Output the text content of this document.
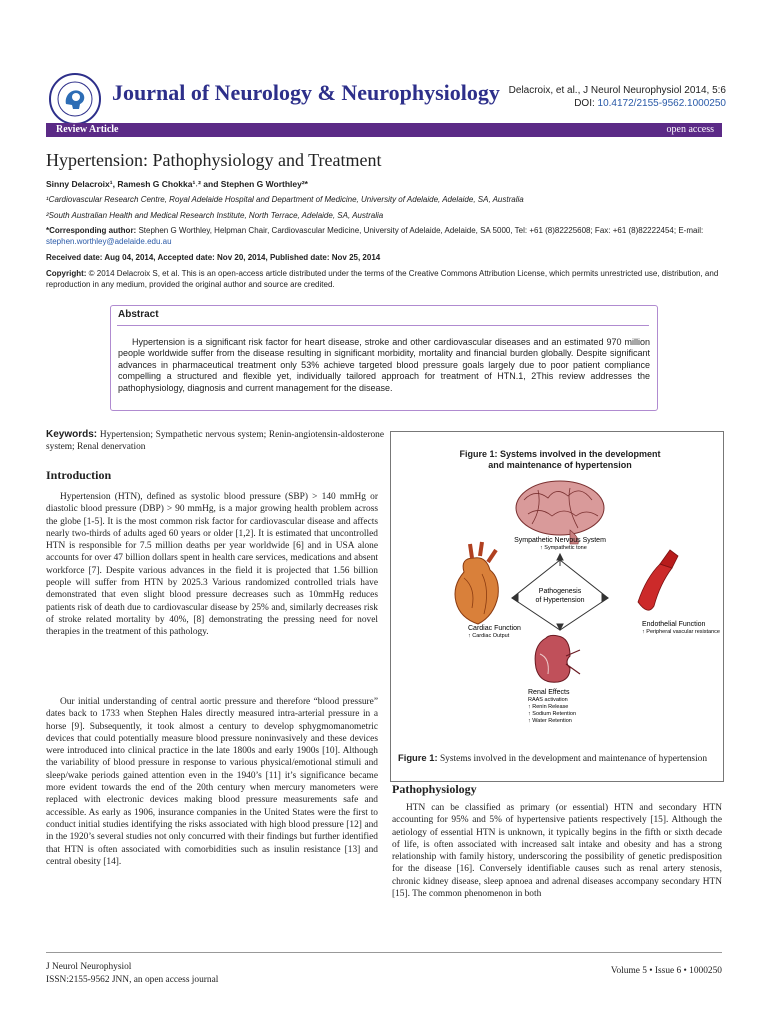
Journal of Neurology & Neurophysiology Delacroix, et al., J Neurol Neurophysiol 2014, 5:6
DOI: 10.4172/2155-9562.1000250
Review Article	open access
Hypertension: Pathophysiology and Treatment
Sinny Delacroix¹, Ramesh G Chokka¹˒² and Stephen G Worthley²*
¹Cardiovascular Research Centre, Royal Adelaide Hospital and Department of Medicine, University of Adelaide, Adelaide, SA, Australia
²South Australian Health and Medical Research Institute, North Terrace, Adelaide, SA, Australia
*Corresponding author: Stephen G Worthley, Helpman Chair, Cardiovascular Medicine, University of Adelaide, Adelaide, SA 5000, Tel: +61 (8)82225608; Fax: +61 (8)82222454; E-mail: stephen.worthley@adelaide.edu.au
Received date: Aug 04, 2014, Accepted date: Nov 20, 2014, Published date: Nov 25, 2014
Copyright: © 2014 Delacroix S, et al. This is an open-access article distributed under the terms of the Creative Commons Attribution License, which permits unrestricted use, distribution, and reproduction in any medium, provided the original author and source are credited.
Abstract
Hypertension is a significant risk factor for heart disease, stroke and other cardiovascular diseases and an estimated 970 million people worldwide suffer from the disease resulting in significant morbidity, mortality and financial burden globally. Despite significant advances in pharmaceutical treatment only 53% achieve targeted blood pressure goals largely due to poor patient compliance compelling a structured and flexible yet, individually tailored approach for treatment of HTN.1, 2This review addresses the pathophysiology, diagnosis and current management for the disease.
Keywords: Hypertension; Sympathetic nervous system; Renin-angiotensin-aldosterone system; Renal denervation
Introduction
Hypertension (HTN), defined as systolic blood pressure (SBP) > 140 mmHg or diastolic blood pressure (DBP) > 90 mmHg, is a major growing health problem across the globe [1-5]. It is the most common risk factor for cardiovascular disease and affects nearly two-thirds of adults aged 60 years or older [1,2]. It is estimated that uncontrolled HTN is responsible for 7.5 million deaths per year worldwide [6] and in USA alone accounts for over 47 billion dollars spent in health care services, medications and absent workforce [7]. Despite various advances in the field it is projected that 1.56 billion people will suffer from HTN by 2025.3 Various randomized controlled trials have demonstrated that even slight blood pressure decreases such as 10mmHg reduces patients risk of death due to cardiovascular disease by 25% and, similarly decreases risk of stroke related mortality by 40%, [8] demonstrating the pressing need for novel therapies in the treatment of this pathology.
Our initial understanding of central aortic pressure and therefore “blood pressure” dates back to 1733 when Stephen Hales directly measured intra-arterial pressure in a horse [9]. Subsequently, it took almost a century to develop sphygmomanometric devices that could potentially measure blood pressure noninvasively and these devices were introduced into clinical practice in the late 1800s and early 1900s [10]. Although the variability of blood pressure in response to various physical/emotional stimuli and sleep/wake periods gained attention even in the 1940’s [11] it’s significance became more evident towards the end of the 20th century when mercury manometers were replaced with electronic devices making blood pressure measurements safe and accessible. As early as 1906, insurance companies in the United States were the first to conduct initial studies identifying the risks associated with high blood pressure [12] and in the 1920’s several studies not only concurred with their findings but further identified that HTN is often associated with comorbidities such as insulin resistance [13] and central obesity [14].
Figure 1: Systems involved in the development
and maintenance of hypertension
Sympathetic Nervous System
↑ Sympathetic tone
Pathogenesis
of Hypertension
Cardiac Function
↑ Cardiac Output
Endothelial Function
↑ Peripheral vascular resistance
Renal Effects
RAAS activation
↑ Renin Release
↑ Sodium Retention
↑ Water Retention
Figure 1: Systems involved in the development and maintenance of hypertension
Pathophysiology
HTN can be classified as primary (or essential) HTN and secondary HTN accounting for 95% and 5% of hypertensive patients respectively [15]. Although the aetiology of essential HTN is unknown, it typically begins in the fifth or sixth decade of life, is often associated with increased salt intake and obesity and has a strong relationship with family history, underscoring the possibility of genetic predisposition for the disease [16]. Conversely identifiable causes such as renal artery stenosis, chronic kidney disease, sleep apnoea and adrenal diseases accompany secondary HTN [15]. The common phenomenon in both
J Neurol Neurophysiol
ISSN:2155-9562 JNN, an open access journal
Volume 5 • Issue 6 • 1000250
